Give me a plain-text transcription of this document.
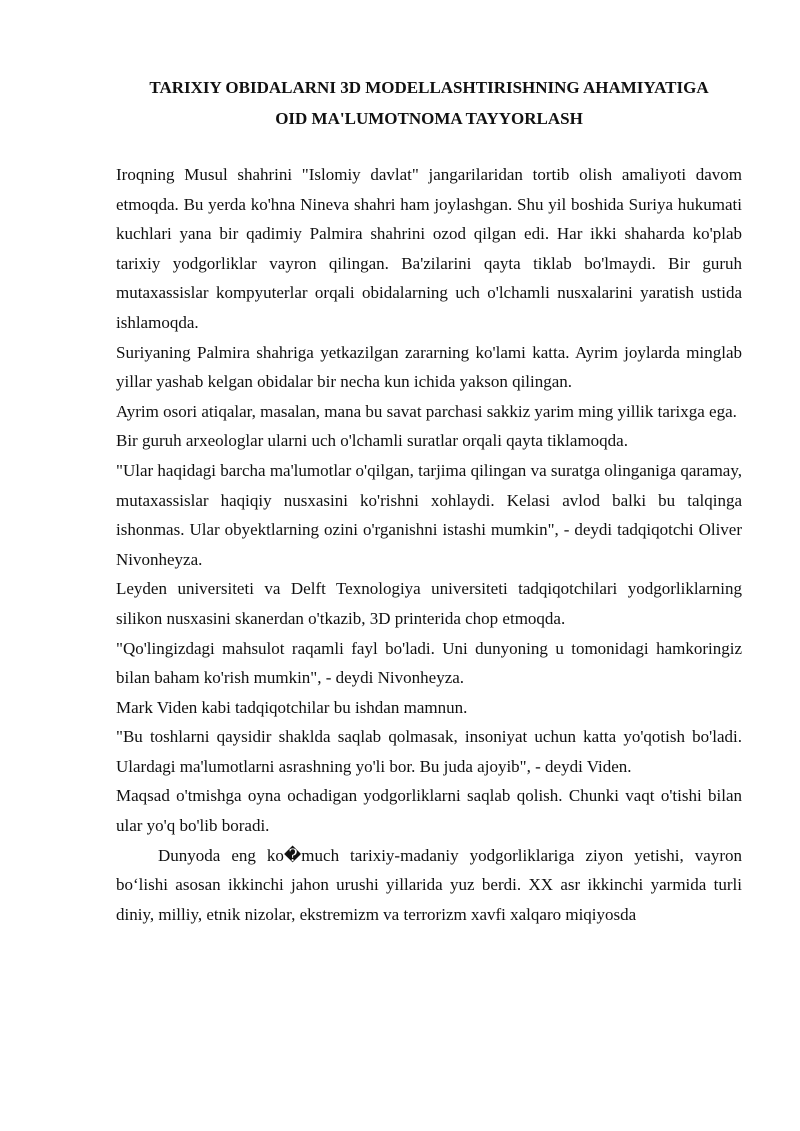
TARIXIY OBIDALARNI 3D MODELLASHTIRISHNING AHAMIYATIGA
OID MA'LUMOTNOMA TAYYORLASH

Iroqning Musul shahrini "Islomiy davlat" jangarilaridan tortib olish amaliyoti davom etmoqda. Bu yerda ko'hna Nineva shahri ham joylashgan. Shu yil boshida Suriya hukumati kuchlari yana bir qadimiy Palmira shahrini ozod qilgan edi. Har ikki shaharda ko'plab tarixiy yodgorliklar vayron qilingan. Ba'zilarini qayta tiklab bo'lmaydi. Bir guruh mutaxassislar kompyuterlar orqali obidalarning uch o'lchamli nusxalarini yaratish ustida ishlamoqda.

Suriyaning Palmira shahriga yetkazilgan zararning ko'lami katta. Ayrim joylarda minglab yillar yashab kelgan obidalar bir necha kun ichida yakson qilingan.

Ayrim osori atiqalar, masalan, mana bu savat parchasi sakkiz yarim ming yillik tarixga ega.

Bir guruh arxeologlar ularni uch o'lchamli suratlar orqali qayta tiklamoqda.

"Ular haqidagi barcha ma'lumotlar o'qilgan, tarjima qilingan va suratga olinganiga qaramay, mutaxassislar haqiqiy nusxasini ko'rishni xohlaydi. Kelasi avlod balki bu talqinga ishonmas. Ular obyektlarning ozini o'rganishni istashi mumkin", - deydi tadqiqotchi Oliver Nivonheyza.

Leyden universiteti va Delft Texnologiya universiteti tadqiqotchilari yodgorliklarning silikon nusxasini skanerdan o'tkazib, 3D printerida chop etmoqda.

"Qo'lingizdagi mahsulot raqamli fayl bo'ladi. Uni dunyoning u tomonidagi hamkoringiz bilan baham ko'rish mumkin", - deydi Nivonheyza.

Mark Viden kabi tadqiqotchilar bu ishdan mamnun.

"Bu toshlarni qaysidir shaklda saqlab qolmasak, insoniyat uchun katta yo'qotish bo'ladi. Ulardagi ma'lumotlarni asrashning yo'li bor. Bu juda ajoyib", - deydi Viden.

Maqsad o'tmishga oyna ochadigan yodgorliklarni saqlab qolish. Chunki vaqt o'tishi bilan ular yo'q bo'lib boradi.

Dunyoda eng ko�much tarixiy-madaniy yodgorliklariga ziyon yetishi, vayron bo‘lishi asosan ikkinchi jahon urushi yillarida yuz berdi. XX asr ikkinchi yarmida turli diniy, milliy, etnik nizolar, ekstremizm va terrorizm xavfi xalqaro miqiyosda
